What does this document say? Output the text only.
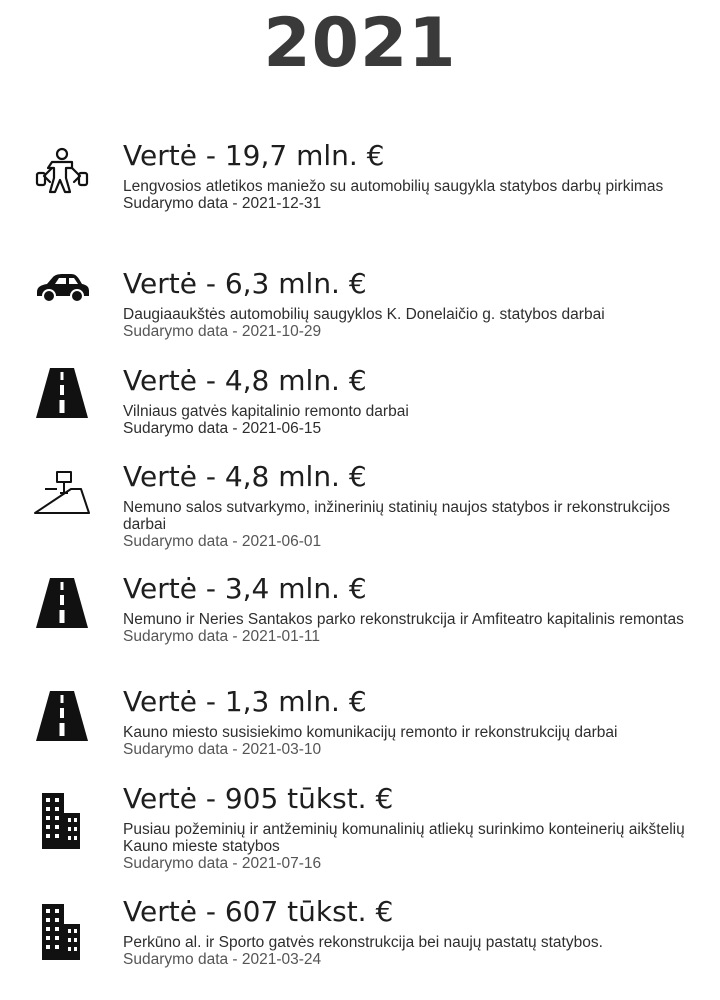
2021
Vertė - 19,7 mln. €
Lengvosios atletikos maniežo su automobilių saugykla statybos darbų pirkimas
Sudarymo data - 2021-12-31
Vertė - 6,3 mln. €
Daugiaaukštės automobilių saugyklos K. Donelaičio g. statybos darbai
Sudarymo data - 2021-10-29
Vertė - 4,8 mln. €
Vilniaus gatvės kapitalinio remonto darbai
Sudarymo data - 2021-06-15
Vertė - 4,8 mln. €
Nemuno salos sutvarkymo, inžinerinių statinių naujos statybos ir rekonstrukcijos darbai
Sudarymo data - 2021-06-01
Vertė - 3,4 mln. €
Nemuno ir Neries Santakos parko rekonstrukcija ir Amfiteatro kapitalinis remontas
Sudarymo data - 2021-01-11
Vertė - 1,3 mln. €
Kauno miesto susisiekimo komunikacijų remonto ir rekonstrukcijų darbai
Sudarymo data - 2021-03-10
Vertė - 905 tūkst. €
Pusiau požeminių ir antžeminių komunalinių atliekų surinkimo konteinerių aikštelių Kauno mieste statybos
Sudarymo data - 2021-07-16
Vertė - 607 tūkst. €
Perkūno al. ir Sporto gatvės rekonstrukcija bei naujų pastatų statybos.
Sudarymo data - 2021-03-24
